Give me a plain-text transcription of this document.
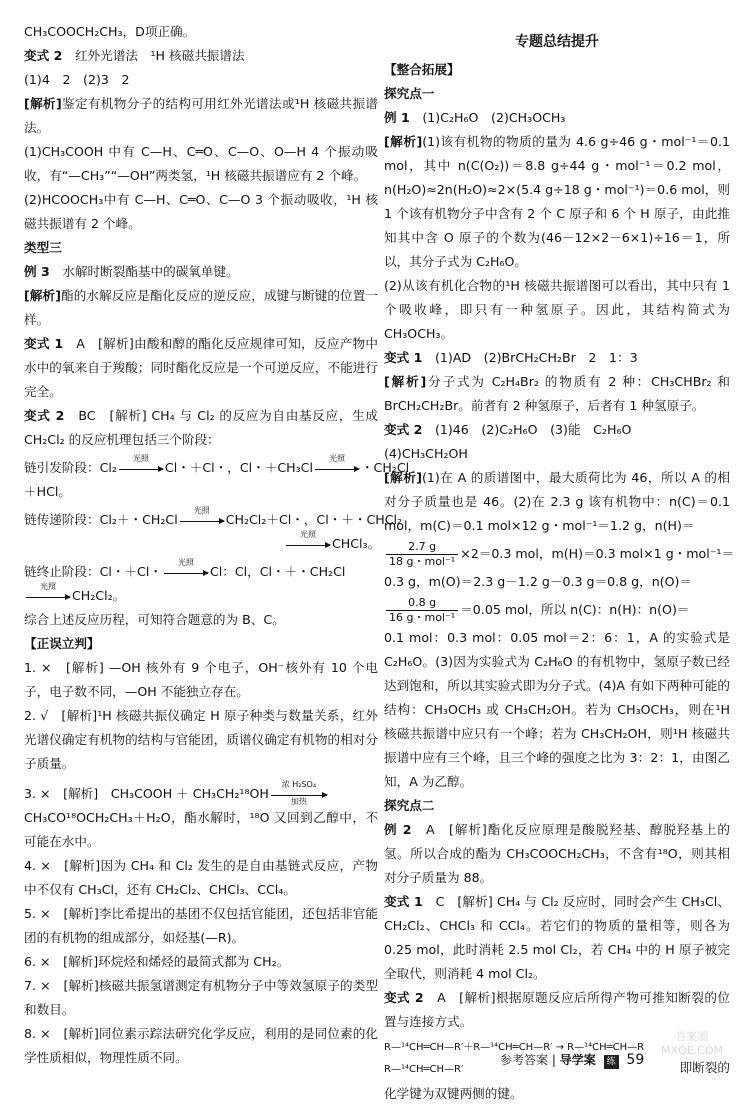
CH₃COOCH₂CH₃，D项正确。
变式 2　 红外光谱法　¹H 核磁共振谱法
(1)4　2　(2)3　2
[解析]鉴定有机物分子的结构可用红外光谱法或¹H 核磁共振谱法。
(1)CH₃COOH 中有 C—H、C═O、C—O、O—H 4 个振动吸收，有“—CH₃”“—OH”两类氢，¹H 核磁共振谱应有 2 个峰。
(2)HCOOCH₃中有 C—H、C═O、C—O 3 个振动吸收，¹H 核磁共振谱有 2 个峰。
类型三
例 3　 水解时断裂酯基中的碳氧单键。
[解析]酯的水解反应是酯化反应的逆反应，成键与断键的位置一样。
变式 1　 A　[解析]由酸和醇的酯化反应规律可知，反应产物中水中的氧来自于羧酸；同时酯化反应是一个可逆反应，不能进行完全。
变式 2　 BC　[解析] CH₄ 与 Cl₂ 的反应为自由基反应，生成 CH₂Cl₂ 的反应机理包括三个阶段：
链引发阶段：Cl₂
光照
Cl・＋Cl・，Cl・＋CH₃Cl
光照
・CH₂Cl
＋HCl。
链传递阶段：Cl₂＋・CH₂Cl
光照
CH₂Cl₂＋Cl・，Cl・＋・CHCl₂
光照
CHCl₃。
链终止阶段：Cl・＋Cl・
光照
Cl：Cl，Cl・＋・CH₂Cl
光照
CH₂Cl₂。
综合上述反应历程，可知符合题意的为 B、C。
【正误立判】
1. ×　[解析] —OH 核外有 9 个电子，OH⁻核外有 10 个电子，电子数不同，—OH 不能独立存在。
2. √　[解析]¹H 核磁共振仪确定 H 原子种类与数量关系，红外光谱仪确定有机物的结构与官能团，质谱仪确定有机物的相对分子质量。
3. ×　[解析]　CH₃COOH ＋ CH₃CH₂¹⁸OH
浓 H₂SO₄
加热
CH₃CO¹⁸OCH₂CH₃＋H₂O，酯水解时，¹⁸O 又回到乙醇中，不可能在水中。
4. ×　[解析]因为 CH₄ 和 Cl₂ 发生的是自由基链式反应，产物中不仅有 CH₃Cl，还有 CH₂Cl₂、CHCl₃、CCl₄。
5. ×　[解析]李比希提出的基团不仅包括官能团，还包括非官能团的有机物的组成部分，如烃基(—R)。
6. ×　[解析]环烷烃和烯烃的最简式都为 CH₂。
7. ×　[解析]核磁共振氢谱测定有机物分子中等效氢原子的类型和数目。
8. ×　[解析]同位素示踪法研究化学反应，利用的是同位素的化学性质相似，物理性质不同。
专题总结提升
【整合拓展】
探究点一
例 1　 (1)C₂H₆O　(2)CH₃OCH₃
[解析](1)该有机物的物质的量为 4.6 g÷46 g・mol⁻¹＝0.1 mol，其中 n(C(O₂))＝8.8 g÷44 g・mol⁻¹＝0.2 mol，n(H₂O)≈2n(H₂O)≈2×(5.4 g÷18 g・mol⁻¹)＝0.6 mol，则 1 个该有机物分子中含有 2 个 C 原子和 6 个 H 原子，由此推知其中含 O 原子的个数为(46－12×2－6×1)÷16＝1，所以，其分子式为 C₂H₆O。
(2)从该有机化合物的¹H 核磁共振谱图可以看出，其中只有 1 个吸收峰，即只有一种氢原子。因此，其结构简式为 CH₃OCH₃。
变式 1　 (1)AD　(2)BrCH₂CH₂Br　2　1：3
[解析]分子式为 C₂H₄Br₂ 的物质有 2 种：CH₃CHBr₂ 和 BrCH₂CH₂Br。前者有 2 种氢原子，后者有 1 种氢原子。
变式 2　 (1)46　(2)C₂H₆O　(3)能　C₂H₆O
(4)CH₃CH₂OH
[解析](1)在 A 的质谱图中，最大质荷比为 46，所以 A 的相对分子质量也是 46。(2)在 2.3 g 该有机物中：n(C)＝0.1 mol，m(C)＝0.1 mol×12 g・mol⁻¹＝1.2 g，n(H)＝
$\frac{2.7 g}{\text{18 g・mol⁻¹}} \times 2=0.3$ mol，m(H)＝0.3 mol×1 g・mol⁻¹＝
0.3 g，m(O)＝2.3 g－1.2 g－0.3 g＝0.8 g，n(O)＝
$\frac{0.8 g}{\text{16 g・mol⁻¹}} =0.05$ mol，所以 n(C)：n(H)：n(O)＝
0.1 mol：0.3 mol：0.05 mol＝2：6：1，A 的实验式是 C₂H₆O。(3)因为实验式为 C₂H₆O 的有机物中，氢原子数已经达到饱和，所以其实验式即为分子式。(4)A 有如下两种可能的结构：CH₃OCH₃ 或 CH₃CH₂OH。若为 CH₃OCH₃，则在¹H 核磁共振谱中应只有一个峰；若为 CH₃CH₂OH，则¹H 核磁共振谱中应有三个峰，且三个峰的强度之比为 3：2：1，由图乙知，A 为乙醇。
探究点二
例 2　 A　[解析]酯化反应原理是酸脱羟基、醇脱羟基上的氢。所以合成的酯为 CH₃COOCH₂CH₃，不含有¹⁸O，则其相对分子质量为 88。
变式 1　 C　[解析] CH₄ 与 Cl₂ 反应时，同时会产生 CH₃Cl、CH₂Cl₂、CHCl₃ 和 CCl₄。若它们的物质的量相等，则各为 0.25 mol，此时消耗 2.5 mol Cl₂，若 CH₄ 中的 H 原子被完全取代，则消耗 4 mol Cl₂。
变式 2　 A　[解析]根据原题反应后所得产物可推知断裂的位置与连接方式。
R—¹⁴CH═CH—R′＋R—¹⁴CH═CH—R′ → R—¹⁴CH═CH—R
R—¹⁴CH═CH—R′	即断裂的
化学键为双键两侧的键。
参考答案 | 导学案 练 59
答案圈 MXQE.COM
